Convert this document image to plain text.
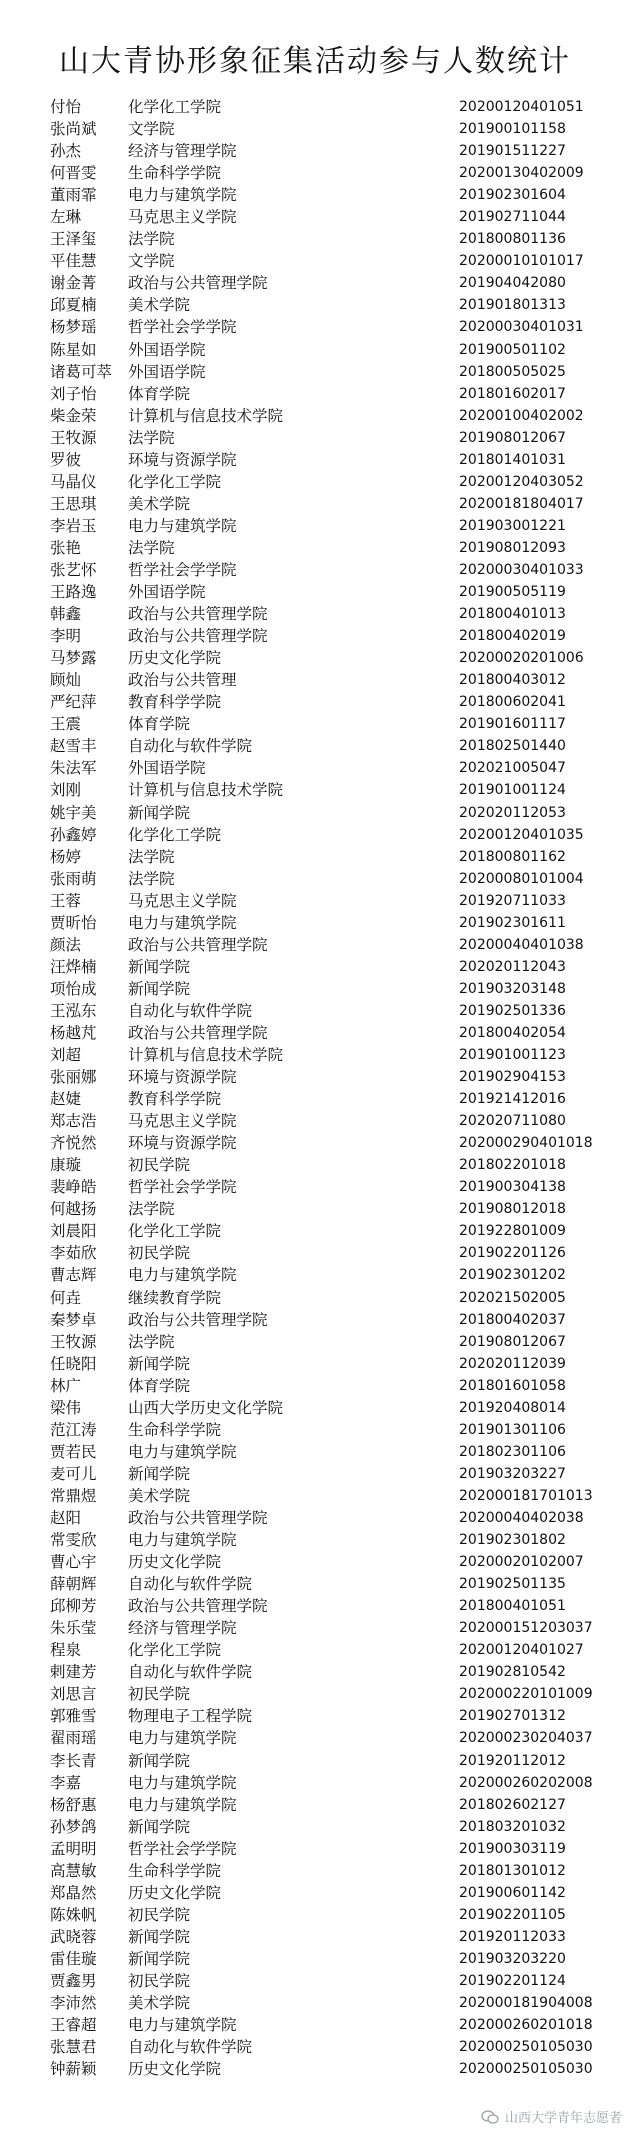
山大青协形象征集活动参与人数统计
付怡	化学化工学院	20200120401051
张尚斌	文学院	201900101158
孙杰	经济与管理学院	201901511227
何晋雯	生命科学学院	20200130402009
董雨霏	电力与建筑学院	201902301604
左琳	马克思主义学院	201902711044
王泽玺	法学院	201800801136
平佳慧	文学院	20200010101017
谢金菁	政治与公共管理学院	201904042080
邱夏楠	美术学院	201901801313
杨梦瑶	哲学社会学学院	20200030401031
陈星如	外国语学院	201900501102
诸葛可萃	外国语学院	201800505025
刘子怡	体育学院	201801602017
柴金荣	计算机与信息技术学院	20200100402002
王牧源	法学院	201908012067
罗彼	环境与资源学院	201801401031
马晶仪	化学化工学院	20200120403052
王思琪	美术学院	20200181804017
李岩玉	电力与建筑学院	201903001221
张艳	法学院	201908012093
张艺怀	哲学社会学学院	20200030401033
王路逸	外国语学院	201900505119
韩鑫	政治与公共管理学院	201800401013
李明	政治与公共管理学院	201800402019
马梦露	历史文化学院	20200020201006
顾灿	政治与公共管理	201800403012
严纪萍	教育科学学院	201800602041
王震	体育学院	201901601117
赵雪丰	自动化与软件学院	201802501440
朱法军	外国语学院	202021005047
刘刚	计算机与信息技术学院	201901001124
姚宇美	新闻学院	202020112053
孙鑫婷	化学化工学院	20200120401035
杨婷	法学院	201800801162
张雨萌	法学院	20200080101004
王蓉	马克思主义学院	201920711033
贾昕怡	电力与建筑学院	201902301611
颜法	政治与公共管理学院	20200040401038
汪烨楠	新闻学院	202020112043
项怡成	新闻学院	201903203148
王泓东	自动化与软件学院	201902501336
杨越芃	政治与公共管理学院	201800402054
刘超	计算机与信息技术学院	201901001123
张丽娜	环境与资源学院	201902904153
赵婕	教育科学学院	201921412016
郑志浩	马克思主义学院	202020711080
齐悦然	环境与资源学院	202000290401018
康璇	初民学院	201802201018
裴峥皓	哲学社会学学院	201900304138
何越扬	法学院	201908012018
刘晨阳	化学化工学院	201922801009
李茹欣	初民学院	201902201126
曹志辉	电力与建筑学院	201902301202
何垚	继续教育学院	202021502005
秦梦卓	政治与公共管理学院	201800402037
王牧源	法学院	201908012067
任晓阳	新闻学院	202020112039
林广	体育学院	201801601058
梁伟	山西大学历史文化学院	201920408014
范江涛	生命科学学院	201901301106
贾若民	电力与建筑学院	201802301106
麦可儿	新闻学院	201903203227
常鼎煜	美术学院	202000181701013
赵阳	政治与公共管理学院	20200040402038
常雯欣	电力与建筑学院	201902301802
曹心宇	历史文化学院	20200020102007
薛朝辉	自动化与软件学院	201902501135
邱柳芳	政治与公共管理学院	201800401051
朱乐莹	经济与管理学院	202000151203037
程泉	化学化工学院	20200120401027
剌建芳	自动化与软件学院	201902810542
刘思言	初民学院	202000220101009
郭雅雪	物理电子工程学院	201902701312
翟雨瑶	电力与建筑学院	202000230204037
李长青	新闻学院	201920112012
李嘉	电力与建筑学院	202000260202008
杨舒惠	电力与建筑学院	201802602127
孙梦鸽	新闻学院	201803201032
孟明明	哲学社会学学院	201900303119
高慧敏	生命科学学院	201801301012
郑皛然	历史文化学院	201900601142
陈姝帆	初民学院	201902201105
武晓蓉	新闻学院	201920112033
雷佳璇	新闻学院	201903203220
贾鑫男	初民学院	201902201124
李沛然	美术学院	202000181904008
王睿超	电力与建筑学院	202000260201018
张慧君	自动化与软件学院	202000250105030
钟薪颖	历史文化学院	202000250105030
山西大学青年志愿者
